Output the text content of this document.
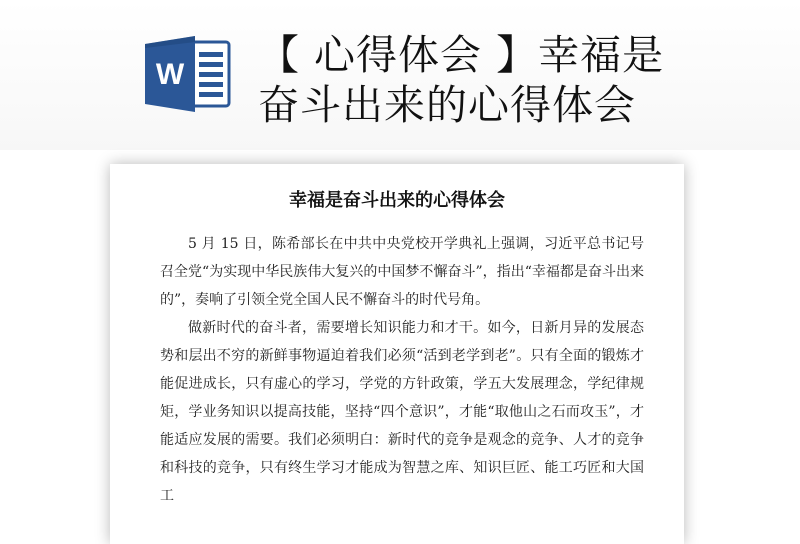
W 【 心得体会 】幸福是
奋斗出来的心得体会
幸福是奋斗出来的心得体会

5 月 15 日，陈希部长在中共中央党校开学典礼上强调，习近平总书记号召全党“为实现中华民族伟大复兴的中国梦不懈奋斗”，指出“幸福都是奋斗出来的”，奏响了引领全党全国人民不懈奋斗的时代号角。

做新时代的奋斗者，需要增长知识能力和才干。如今，日新月异的发展态势和层出不穷的新鲜事物逼迫着我们必须“活到老学到老”。只有全面的锻炼才能促进成长，只有虚心的学习，学党的方针政策，学五大发展理念，学纪律规矩，学业务知识以提高技能，坚持“四个意识”，才能“取他山之石而攻玉”，才能适应发展的需要。我们必须明白：新时代的竞争是观念的竞争、人才的竞争和科技的竞争，只有终生学习才能成为智慧之库、知识巨匠、能工巧匠和大国工
